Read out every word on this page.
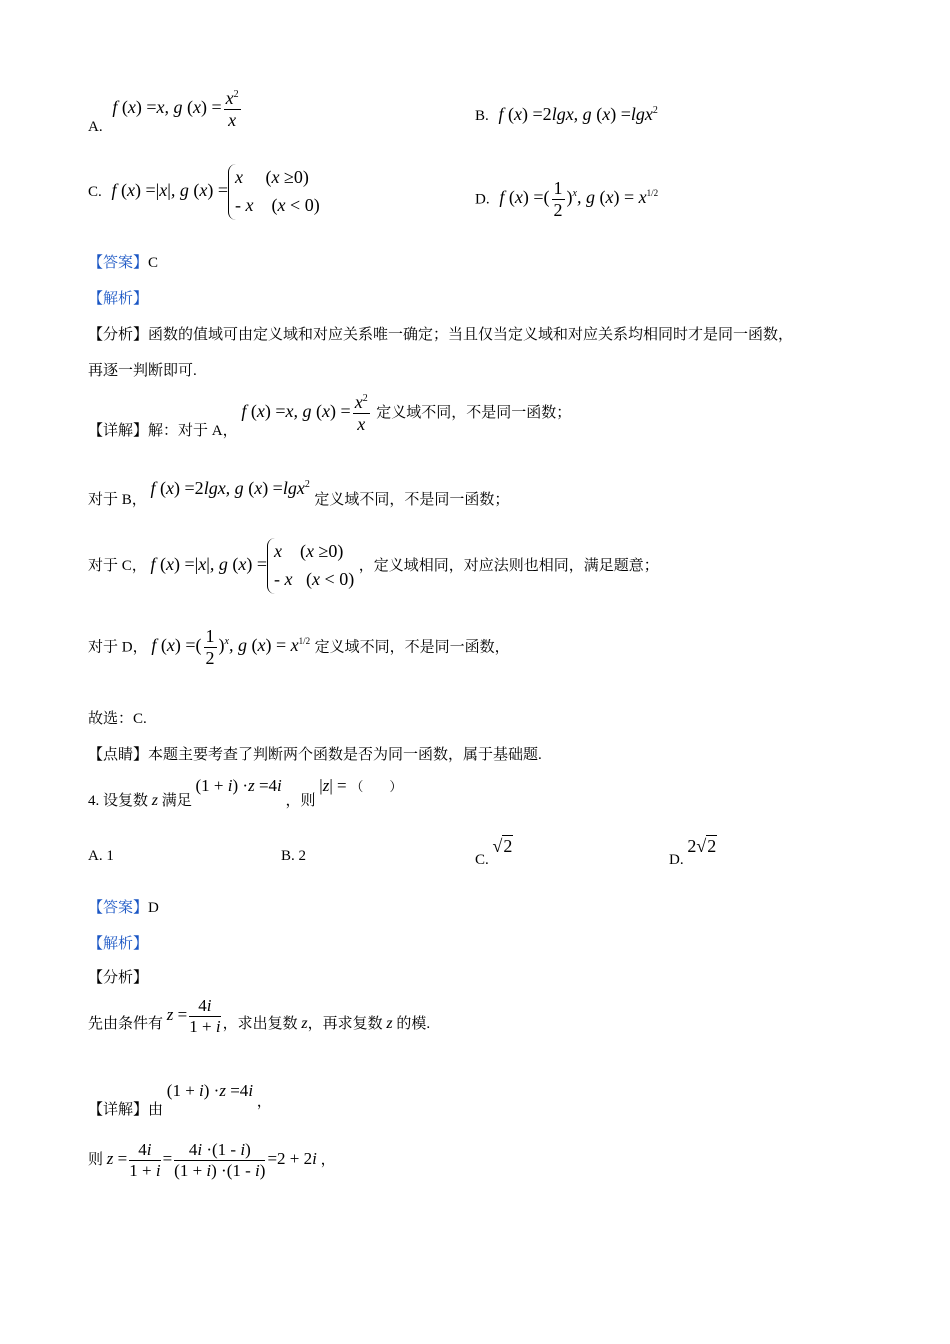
A. f (x) =x, g $(x) = \frac{x^2}{x}$	B. f (x) =2lgx, g (x) =lgx$^2$
C. f (x) =|x|, g (x) =
x     (x ≥0)
- x    (x < 0)	D. f (x) =( $\frac{1}{2} )^x$, g $(x) = x^{1/2}$
【答案】C
【解析】
【分析】函数的值域可由定义域和对应关系唯一确定；当且仅当定义域和对应关系均相同时才是同一函数，
再逐一判断即可.
【详解】解：对于 A， f (x) =x, g $(x) = \frac{x^2}{x}$ 定义域不同，不是同一函数；
对于 B， f (x) =2lgx, g (x) =lgx$^2$ 定义域不同，不是同一函数；
对于 C， f (x) =|x|, g (x) =
x    (x ≥0)
- x   (x < 0)
，定义域相同，对应法则也相同，满足题意；
对于 D， f (x) =( $\frac{1}{2} )^x$, g $(x) = x^{1/2}$ 定义域不同，不是同一函数，
故选：C.
【点睛】本题主要考查了判断两个函数是否为同一函数，属于基础题.
4. 设复数 z 满足 (1 + i) ·z =4i ，则 |z| = （　　）
A. 1	B. 2	C. √2
D. 2√2
【答案】D
【解析】
【分析】
先由条件有 $z = \frac{4i}{1 + i}$ ，求出复数 z，再求复数 z 的模.
【详解】由 (1 + i) ·z =4i ，
则 $z = \frac{4i}{1 + i} = \frac{4i \cdot(1 - i)}{(1 + i) \cdot(1 - i)} =2 + 2i$ ，
